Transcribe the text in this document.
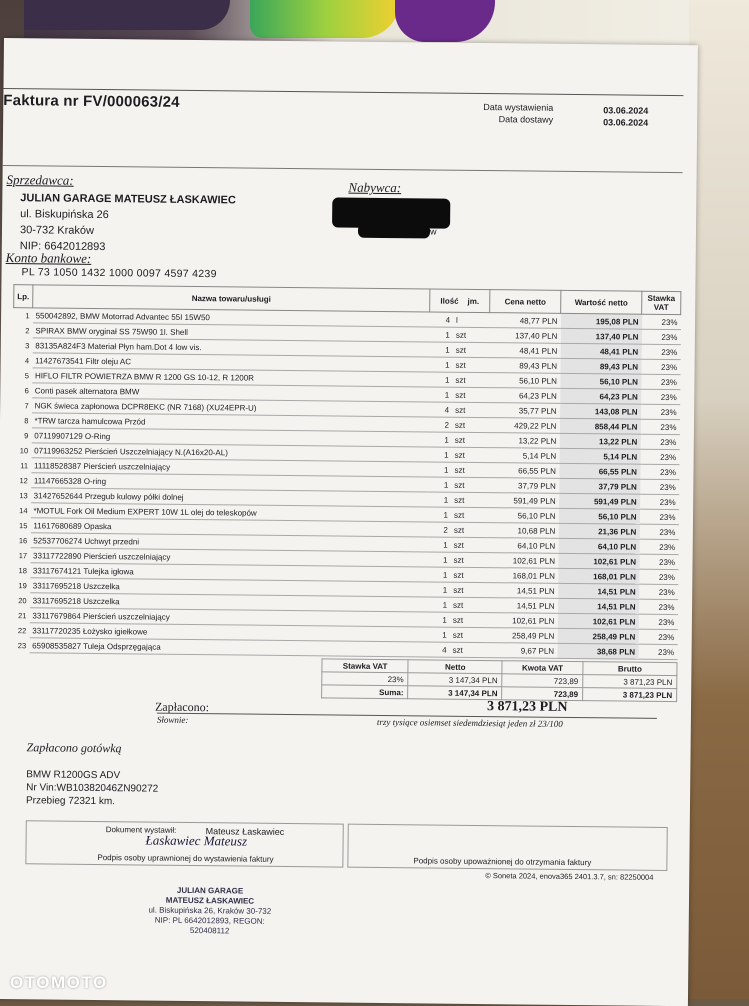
Faktura nr FV/000063/24	Data wystawienia
Data dostawy
03.06.2024
03.06.2024
Sprzedawca:
JULIAN GARAGE MATEUSZ ŁASKAWIEC
ul. Biskupińska 26
30-732 Kraków
NIP: 6642012893
Nabywca:
w
Konto bankowe:
PL 73 1050 1432 1000 0097 4597 4239
Lp.	Nazwa towaru/usługi	Ilość jm.		Cena netto	Wartość netto	Stawka VAT
1	550042892, BMW Motorrad Advantec 55I 15W50	4	l	48,77 PLN	195,08 PLN	23%
2	SPIRAX BMW oryginał SS 75W90 1l. Shell	1	szt	137,40 PLN	137,40 PLN	23%
3	83135A824F3 Materiał Płyn ham.Dot 4 low vis.	1	szt	48,41 PLN	48,41 PLN	23%
4	11427673541 Filtr oleju AC	1	szt	89,43 PLN	89,43 PLN	23%
5	HIFLO FILTR POWIETRZA BMW R 1200 GS 10-12, R 1200R	1	szt	56,10 PLN	56,10 PLN	23%
6	Conti pasek alternatora BMW	1	szt	64,23 PLN	64,23 PLN	23%
7	NGK świeca zapłonowa DCPR8EKC (NR 7168) (XU24EPR-U)	4	szt	35,77 PLN	143,08 PLN	23%
8	*TRW tarcza hamulcowa Przód	2	szt	429,22 PLN	858,44 PLN	23%
9	07119907129 O-Ring	1	szt	13,22 PLN	13,22 PLN	23%
10	07119963252 Pierścień Uszczelniający N.(A16x20-AL)	1	szt	5,14 PLN	5,14 PLN	23%
11	11118528387 Pierścień uszczelniający	1	szt	66,55 PLN	66,55 PLN	23%
12	11147665328 O-ring	1	szt	37,79 PLN	37,79 PLN	23%
13	31427652644 Przegub kulowy półki dolnej	1	szt	591,49 PLN	591,49 PLN	23%
14	*MOTUL Fork Oil Medium EXPERT 10W 1L olej do teleskopów	1	szt	56,10 PLN	56,10 PLN	23%
15	11617680689 Opaska	2	szt	10,68 PLN	21,36 PLN	23%
16	52537706274 Uchwyt przedni	1	szt	64,10 PLN	64,10 PLN	23%
17	33117722890 Pierścień uszczelniający	1	szt	102,61 PLN	102,61 PLN	23%
18	33117674121 Tulejka igłowa	1	szt	168,01 PLN	168,01 PLN	23%
19	33117695218 Uszczelka	1	szt	14,51 PLN	14,51 PLN	23%
20	33117695218 Uszczelka	1	szt	14,51 PLN	14,51 PLN	23%
21	33117679864 Pierścień uszczelniający	1	szt	102,61 PLN	102,61 PLN	23%
22	33117720235 Łożysko igiełkowe	1	szt	258,49 PLN	258,49 PLN	23%
23	65908535827 Tuleja Odsprzęgająca	4	szt	9,67 PLN	38,68 PLN	23%
Stawka VAT	Netto	Kwota VAT	Brutto
23%	3 147,34 PLN	723,89	3 871,23 PLN
Suma:	3 147,34 PLN	723,89	3 871,23 PLN
Zapłacono:	3 871,23 PLN
Słownie:	trzy tysiące osiemset siedemdziesiąt jeden zł 23/100
Zapłacono gotówką
BMW R1200GS ADV
Nr Vin:WB10382046ZN90272
Przebieg 72321 km.
Dokument wystawił:	Mateusz Łaskawiec
Łaskawiec Mateusz
Podpis osoby uprawnionej do wystawienia faktury	Podpis osoby upoważnionej do otrzymania faktury
© Soneta 2024, enova365 2401.3.7, sn: 82250004
JULIAN GARAGE
MATEUSZ ŁASKAWIEC
ul. Biskupińska 26, Kraków 30-732
NIP: PL 6642012893, REGON: 520408112
OTOMOTO
